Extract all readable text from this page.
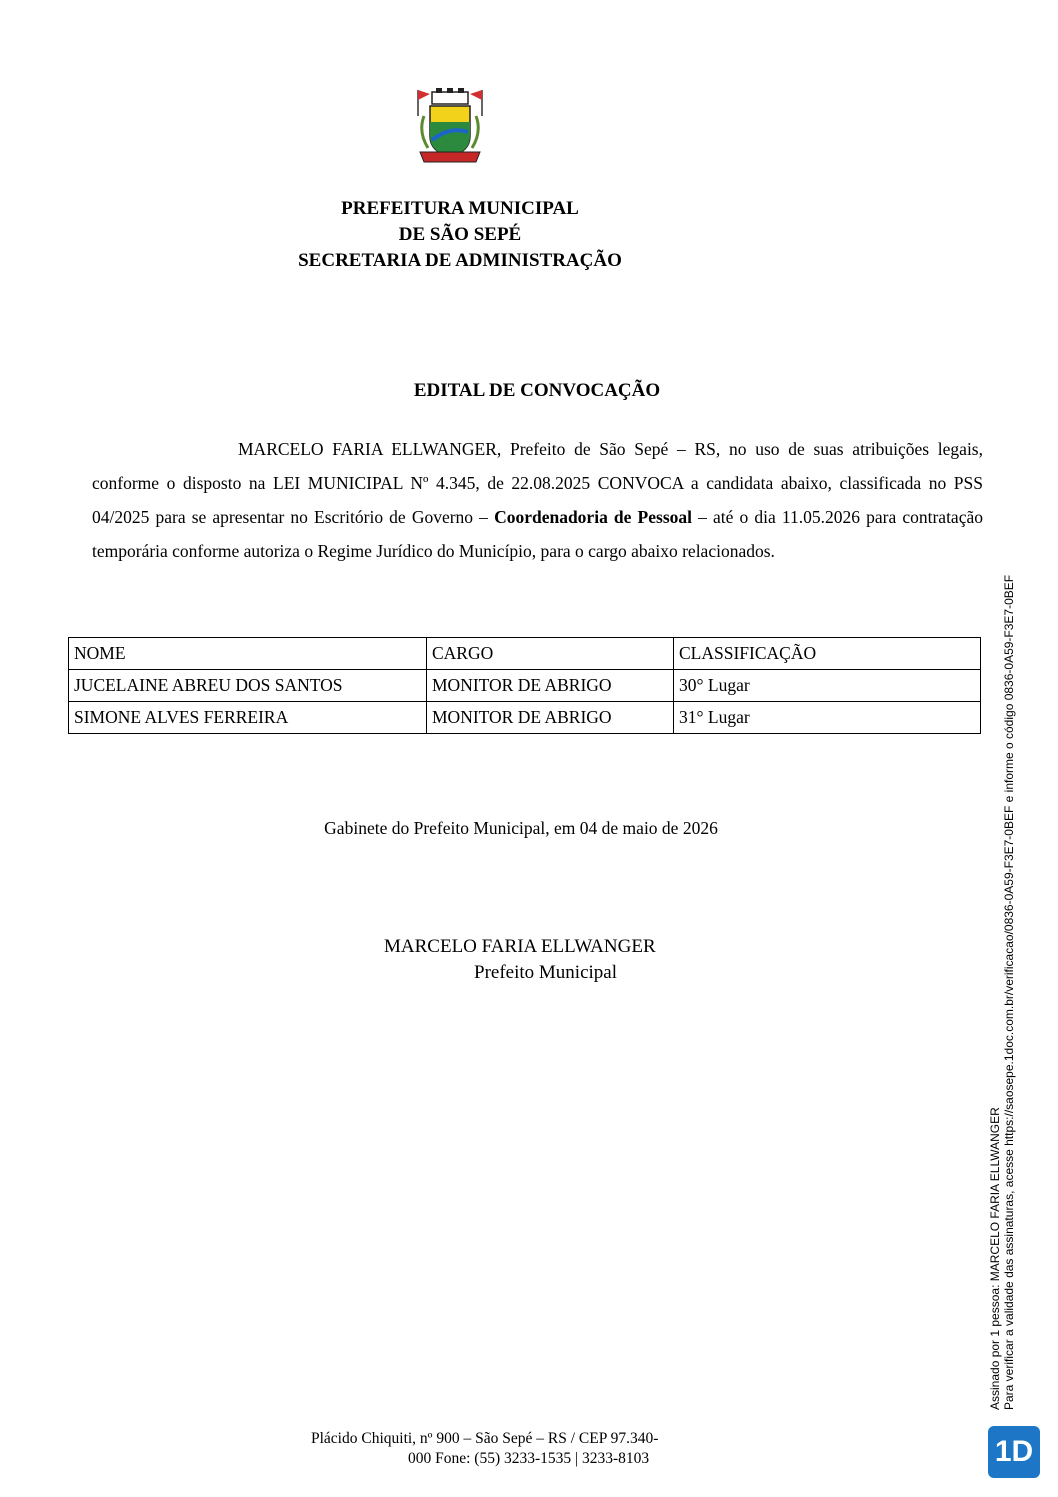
PREFEITURA MUNICIPAL
DE SÃO SEPÉ
SECRETARIA DE ADMINISTRAÇÃO
EDITAL DE CONVOCAÇÃO
MARCELO FARIA ELLWANGER, Prefeito de São Sepé – RS, no uso de suas atribuições legais, conforme o disposto na LEI MUNICIPAL Nº 4.345, de 22.08.2025 CONVOCA a candidata abaixo, classificada no PSS 04/2025 para se apresentar no Escritório de Governo – Coordenadoria de Pessoal – até o dia 11.05.2026 para contratação temporária conforme autoriza o Regime Jurídico do Município, para o cargo abaixo relacionados.
NOME	CARGO	CLASSIFICAÇÃO
JUCELAINE ABREU DOS SANTOS	MONITOR DE ABRIGO	30° Lugar
SIMONE ALVES FERREIRA	MONITOR DE ABRIGO	31° Lugar
Gabinete do Prefeito Municipal, em 04 de maio de 2026
MARCELO FARIA ELLWANGER
Prefeito Municipal
Plácido Chiquiti, nº 900 – São Sepé – RS / CEP 97.340-
000 Fone: (55) 3233-1535 | 3233-8103
Assinado por 1 pessoa: MARCELO FARIA ELLWANGER Para verificar a validade das assinaturas, acesse https://saosepe.1doc.com.br/verificacao/0836-0A59-F3E7-0BEF e informe o código 0836-0A59-F3E7-0BEF
1D
